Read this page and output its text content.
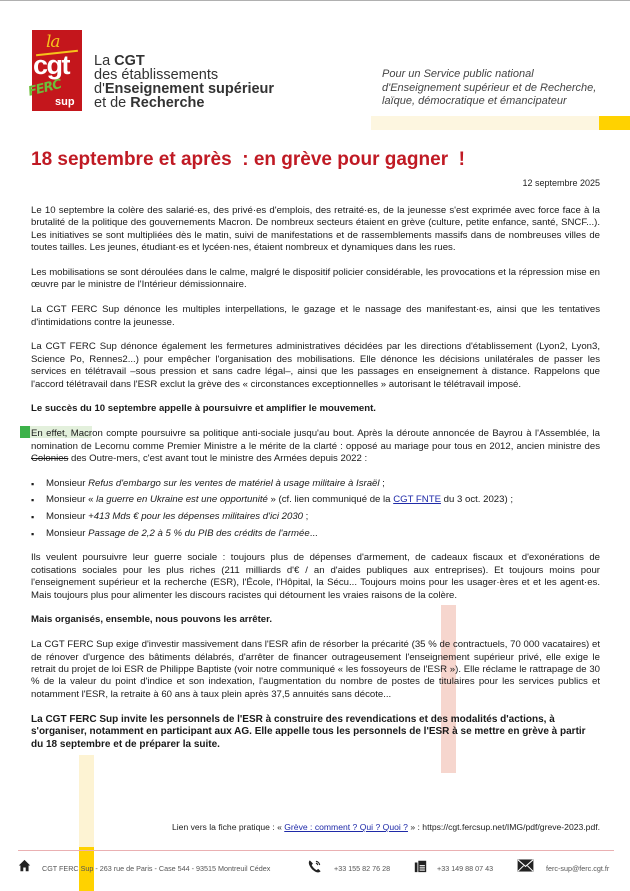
la
cgt
FERC
sup
La CGT
des établissements
d'Enseignement supérieur
et de Recherche
Pour un Service public national
d'Enseignement supérieur et de Recherche,
laïque, démocratique et émancipateur
18 septembre et après  : en grève pour gagner  !
12 septembre 2025

Le 10 septembre la colère des salarié·es, des privé·es d'emplois, des retraité·es, de la jeunesse s'est exprimée avec force face à la brutalité de la politique des gouvernements Macron. De nombreux secteurs étaient en grève (culture, petite enfance, santé, SNCF...). Les initiatives se sont multipliées dès le matin, suivi de manifestations et de rassemblements massifs dans de nombreuses villes de toutes tailles. Les jeunes, étudiant·es et lycéen·nes, étaient nombreux et dynamiques dans les rues.

Les mobilisations se sont déroulées dans le calme, malgré le dispositif policier considérable, les provocations et la répression mise en œuvre par le ministre de l'Intérieur démissionnaire.

La CGT FERC Sup dénonce les multiples interpellations, le gazage et le nassage des manifestant·es, ainsi que les tentatives d'intimidations contre la jeunesse.

La CGT FERC Sup dénonce également les fermetures administratives décidées par les directions d'établissement (Lyon2, Lyon3, Science Po, Rennes2...) pour empêcher l'organisation des mobilisations. Elle dénonce les décisions unilatérales de passer les services en télétravail –sous pression et sans cadre légal–, ainsi que les passages en enseignement à distance. Rappelons que l'accord télétravail dans l'ESR exclut la grève des « circonstances exceptionnelles » autorisant le télétravail imposé.

Le succès du 10 septembre appelle à poursuivre et amplifier le mouvement.

En effet, Macron compte poursuivre sa politique anti-sociale jusqu'au bout. Après la déroute annoncée de Bayrou à l'Assemblée, la nomination de Lecornu comme Premier Ministre a le mérite de la clarté : opposé au mariage pour tous en 2012, ancien ministre des Colonies des Outre-mers, c'est avant tout le ministre des Armées depuis 2022 :

▪ Monsieur Refus d'embargo sur les ventes de matériel à usage militaire à Israël ;
▪ Monsieur « la guerre en Ukraine est une opportunité » (cf. lien communiqué de la CGT FNTE du 3 oct. 2023) ;
▪ Monsieur +413 Mds € pour les dépenses militaires d'ici 2030 ;
▪ Monsieur Passage de 2,2 à 5 % du PIB des crédits de l'armée...

Ils veulent poursuivre leur guerre sociale : toujours plus de dépenses d'armement, de cadeaux fiscaux et d'exonérations de cotisations sociales pour les plus riches (211 milliards d'€ / an d'aides publiques aux entreprises). Et toujours moins pour l'enseignement supérieur et la recherche (ESR), l'École, l'Hôpital, la Sécu... Toujours moins pour les usager·ères et et les agent·es. Mais toujours plus pour alimenter les discours racistes qui détournent les vraies raisons de la colère.

Mais organisés, ensemble, nous pouvons les arrêter.

La CGT FERC Sup exige d'investir massivement dans l'ESR afin de résorber la précarité (35 % de contractuels, 70 000 vacataires) et de rénover d'urgence des bâtiments délabrés, d'arrêter de financer outrageusement l'enseignement supérieur privé, elle exige le retrait du projet de loi ESR de Philippe Baptiste (voir notre communiqué « les fossoyeurs de l'ESR »). Elle réclame le rattrapage de 30 % de la valeur du point d'indice et son indexation, l'augmentation du nombre de postes de titulaires pour les services publics et notamment l'ESR, la retraite à 60 ans à taux plein après 37,5 annuités sans décote...

La CGT FERC Sup invite les personnels de l'ESR à construire des revendications et des modalités d'actions, à s'organiser, notamment en participant aux AG. Elle appelle tous les personnels de l'ESR à se mettre en grève à partir du 18 septembre et de préparer la suite.

Lien vers la fiche pratique : « Grève : comment ? Qui ? Quoi ? » : https://cgt.fercsup.net/IMG/pdf/greve-2023.pdf.
CGT FERC Sup - 263 rue de Paris - Case 544 - 93515 Montreuil Cédex	+33 155 82 76 28	+33 149 88 07 43	ferc-sup@ferc.cgt.fr
